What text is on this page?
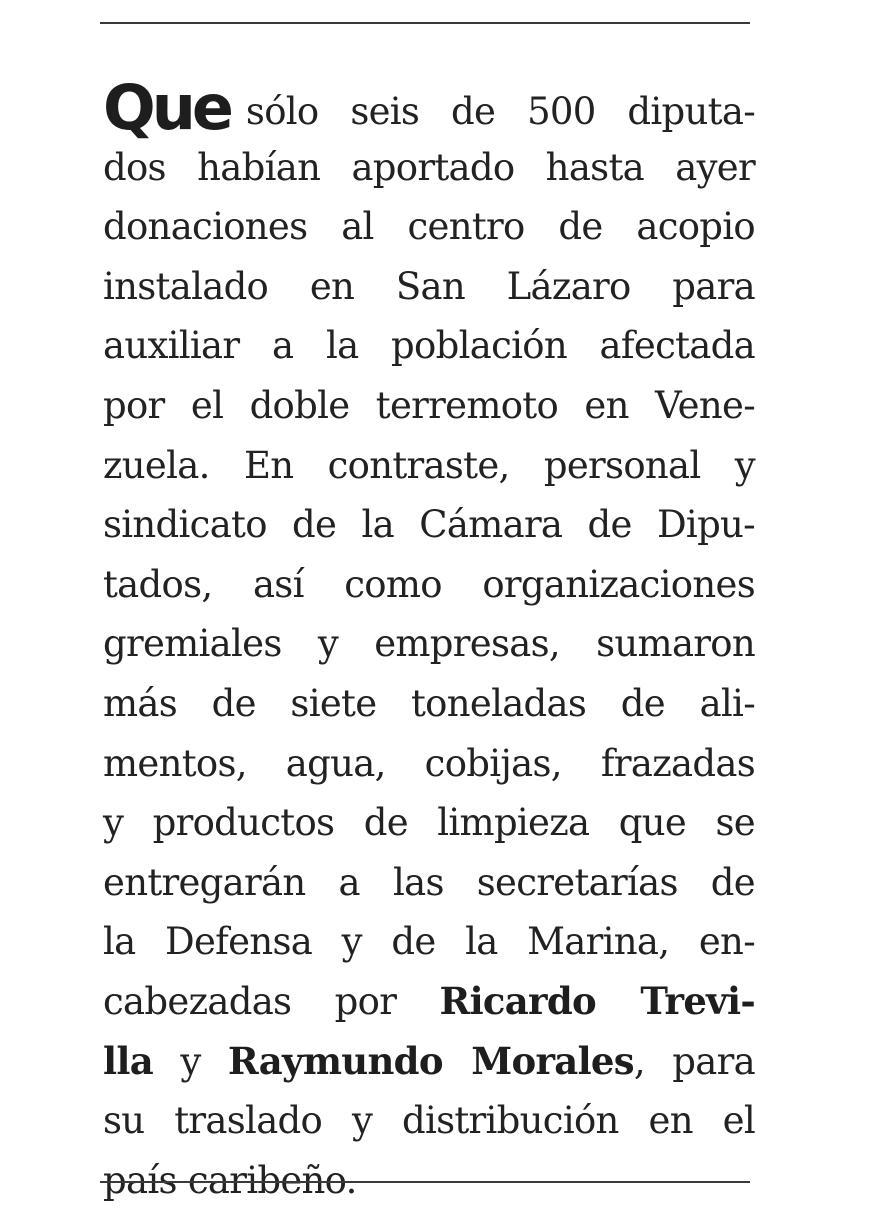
Que sólo seis de 500 diputa-
dos habían aportado hasta ayer
donaciones al centro de acopio
instalado en San Lázaro para
auxiliar a la población afectada
por el doble terremoto en Vene-
zuela. En contraste, personal y
sindicato de la Cámara de Dipu-
tados, así como organizaciones
gremiales y empresas, sumaron
más de siete toneladas de ali-
mentos, agua, cobijas, frazadas
y productos de limpieza que se
entregarán a las secretarías de
la Defensa y de la Marina, en-
cabezadas por Ricardo Trevi-
lla y Raymundo Morales, para
su traslado y distribución en el
país caribeño.
